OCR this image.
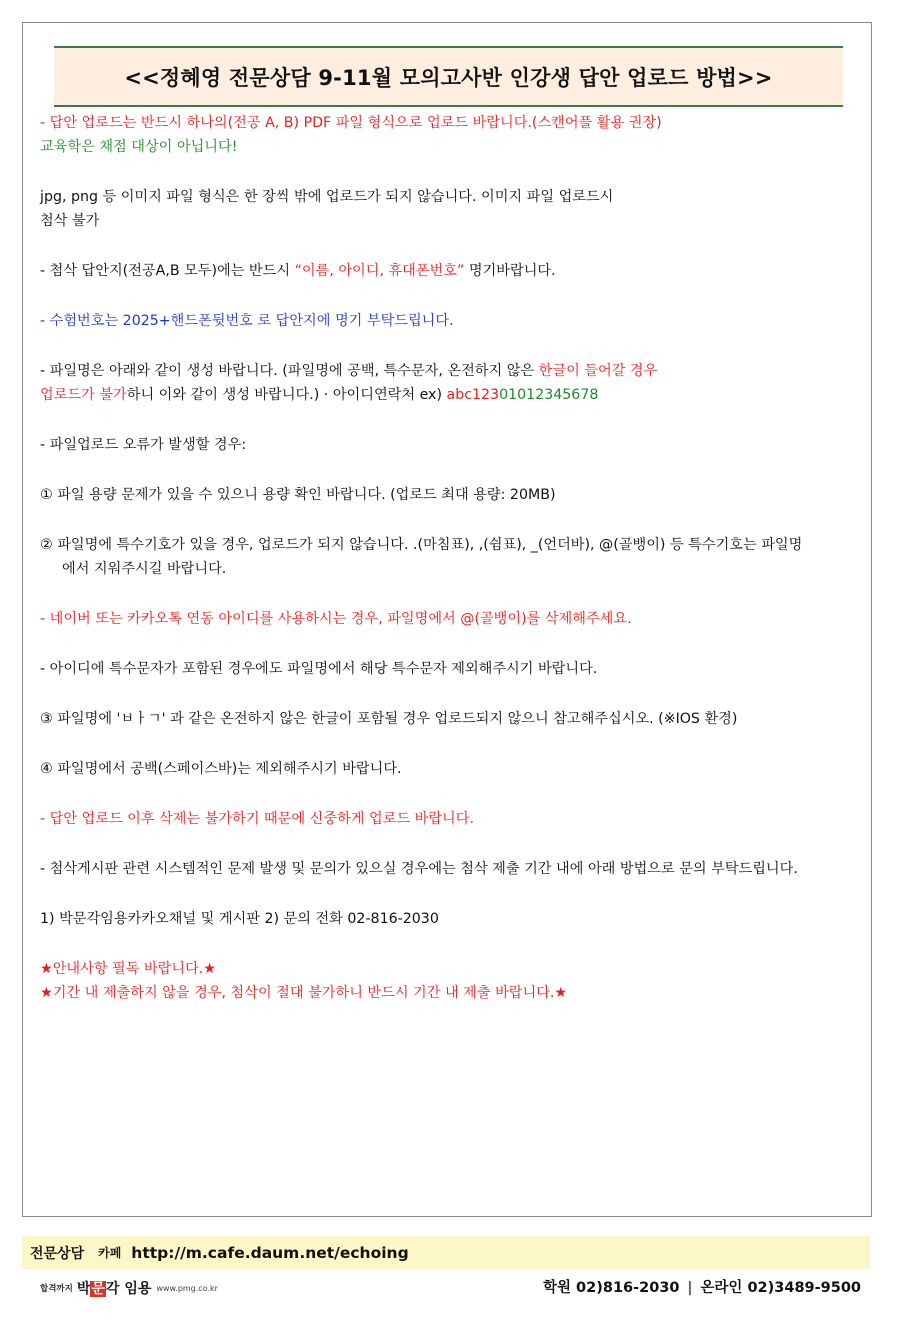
<<정혜영 전문상담 9-11월 모의고사반 인강생 답안 업로드 방법>>

- 답안 업로드는 반드시 하나의(전공 A, B) PDF 파일 형식으로 업로드 바랍니다.(스캔어플 활용 권장)

교육학은 채점 대상이 아닙니다!

jpg, png 등 이미지 파일 형식은 한 장씩 밖에 업로드가 되지 않습니다. 이미지 파일 업로드시

첨삭 불가

- 첨삭 답안지(전공A,B 모두)에는 반드시 “이름, 아이디, 휴대폰번호” 명기바랍니다.

- 수험번호는 2025+핸드폰뒷번호 로 답안지에 명기 부탁드립니다.

- 파일명은 아래와 같이 생성 바랍니다. (파일명에 공백, 특수문자, 온전하지 않은 한글이 들어갈 경우

업로드가 불가하니 이와 같이 생성 바랍니다.) · 아이디연락처 ex) abc12301012345678

- 파일업로드 오류가 발생할 경우:

① 파일 용량 문제가 있을 수 있으니 용량 확인 바랍니다. (업로드 최대 용량: 20MB)

② 파일명에 특수기호가 있을 경우, 업로드가 되지 않습니다. .(마침표), ,(쉼표), _(언더바), @(골뱅이) 등 특수기호는 파일명에서 지워주시길 바랍니다.

- 네이버 또는 카카오톡 연동 아이디를 사용하시는 경우, 파일명에서 @(골뱅이)를 삭제해주세요.

- 아이디에 특수문자가 포함된 경우에도 파일명에서 해당 특수문자 제외해주시기 바랍니다.

③ 파일명에 'ㅂㅏㄱ' 과 같은 온전하지 않은 한글이 포함될 경우 업로드되지 않으니 참고해주십시오. (※IOS 환경)

④ 파일명에서 공백(스페이스바)는 제외해주시기 바랍니다.

- 답안 업로드 이후 삭제는 불가하기 때문에 신중하게 업로드 바랍니다.

- 첨삭게시판 관련 시스템적인 문제 발생 및 문의가 있으실 경우에는 첨삭 제출 기간 내에 아래 방법으로 문의 부탁드립니다.

1) 박문각임용카카오채널 및 게시판 2) 문의 전화 02-816-2030

★안내사항 필독 바랍니다.★

★기간 내 제출하지 않을 경우, 첨삭이 절대 불가하니 반드시 기간 내 제출 바랍니다.★

전문상담 카페 http://m.cafe.daum.net/echoing
합격까지 박문각 임용 www.pmg.co.kr	학원 02)816-2030 | 온라인 02)3489-9500
